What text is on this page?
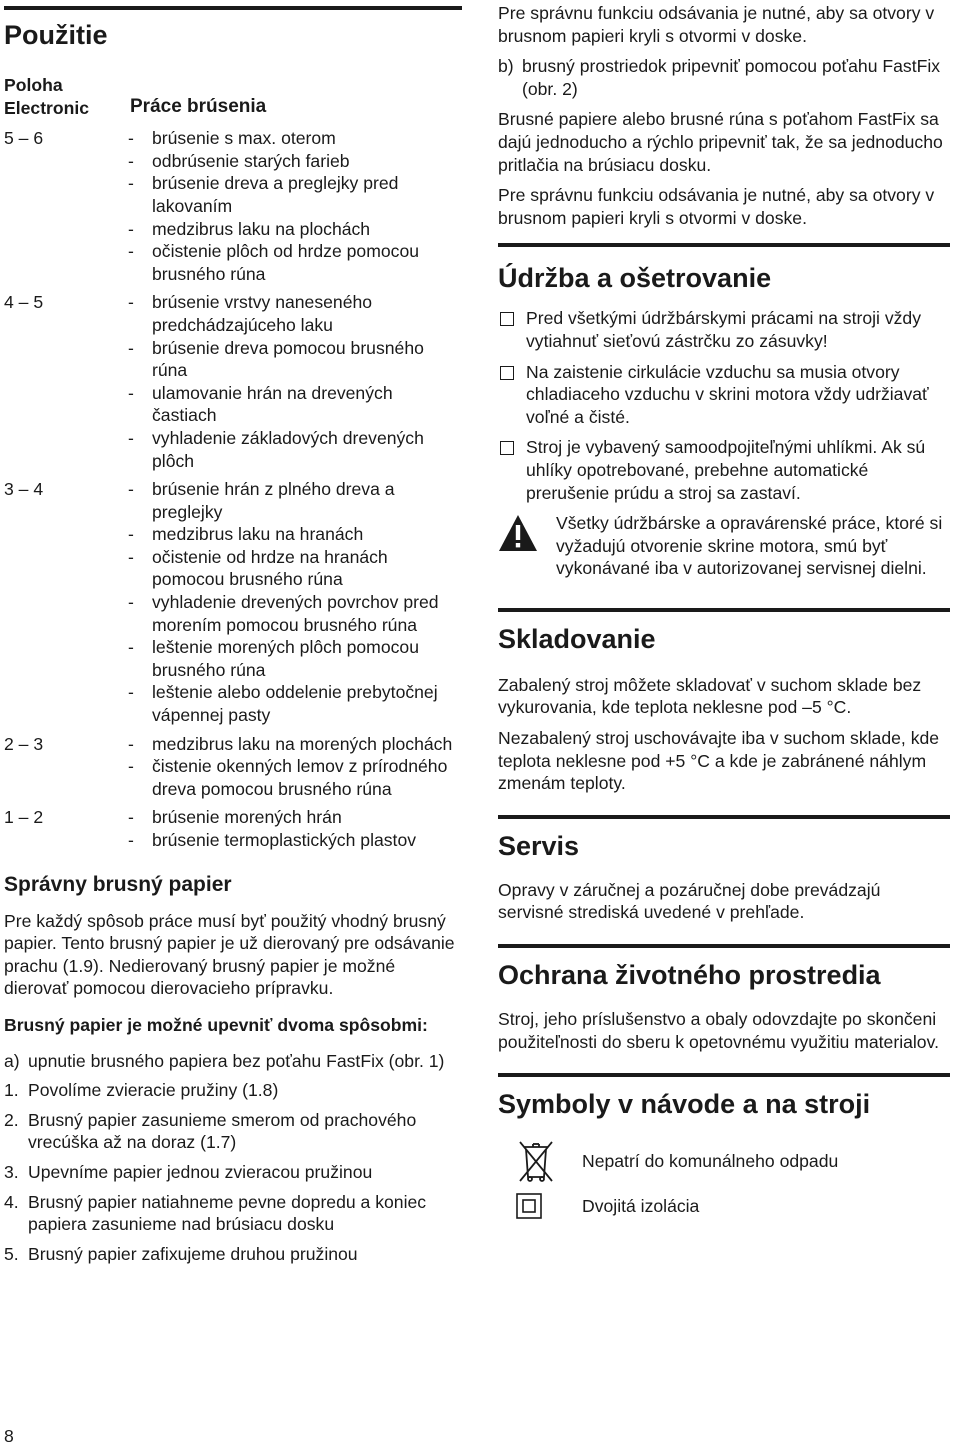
Použitie
Poloha Electronic	Práce brúsenia
5 – 6	-	brúsenie s max. oterom
-	odbrúsenie starých farieb
-	brúsenie dreva a preglejky pred lakovaním
-	medzibrus laku na plochách
-	očistenie plôch od hrdze pomocou brusného rúna
4 – 5	-	brúsenie vrstvy naneseného predchádzajúceho laku
-	brúsenie dreva pomocou brusného rúna
-	ulamovanie hrán na drevených častiach
-	vyhladenie základových drevených plôch
3 – 4	-	brúsenie hrán z plného dreva a preglejky
-	medzibrus laku na hranách
-	očistenie od hrdze na hranách pomocou brusného rúna
-	vyhladenie drevených povrchov pred morením pomocou brusného rúna
-	leštenie morených plôch pomocou brusného rúna
-	leštenie alebo oddelenie prebytočnej vápennej pasty
2 – 3	-	medzibrus laku na morených plochách
-	čistenie okenných lemov z prírodného dreva pomocou brusného rúna
1 – 2	-	brúsenie morených hrán
-	brúsenie termoplastických plastov
Správny brusný papier

Pre každý spôsob práce musí byť použitý vhodný brusný papier. Tento brusný papier je už dierovaný pre odsávanie prachu (1.9). Nedierovaný brusný papier je možné dierovať pomocou dierovacieho prípravku.

Brusný papier je možné upevniť dvoma spôsobmi:

a) upnutie brusného papiera bez poťahu FastFix (obr. 1)
1. Povolíme zvieracie pružiny (1.8)
2. Brusný papier zasunieme smerom od prachového vrecúška až na doraz (1.7)
3. Upevníme papier jednou zvieracou pružinou
4. Brusný papier natiahneme pevne dopredu a koniec papiera zasunieme nad brúsiacu dosku
5. Brusný papier zafixujeme druhou pružinou
8

Pre správnu funkciu odsávania je nutné, aby sa otvory v brusnom papieri kryli s otvormi v doske.

b) brusný prostriedok pripevniť pomocou poťahu FastFix (obr. 2)

Brusné papiere alebo brusné rúna s poťahom FastFix sa dajú jednoducho a rýchlo pripevniť tak, že sa jednoducho pritlačia na brúsiacu dosku.

Pre správnu funkciu odsávania je nutné, aby sa otvory v brusnom papieri kryli s otvormi v doske.

Údržba a ošetrovanie
Pred všetkými údržbárskymi prácami na stroji vždy vytiahnuť sieťovú zástrčku zo zásuvky!
Na zaistenie cirkulácie vzduchu sa musia otvory chladiaceho vzduchu v skrini motora vždy udržiavať voľné a čisté.
Stroj je vybavený samoodpojiteľnými uhlíkmi. Ak sú uhlíky opotrebované, prebehne automatické prerušenie prúdu a stroj sa zastaví.

Všetky údržbárske a opravárenské práce, ktoré si vyžadujú otvorenie skrine motora, smú byť vykonávané iba v autorizovanej servisnej dielni.

Skladovanie

Zabalený stroj môžete skladovať v suchom sklade bez vykurovania, kde teplota neklesne pod –5 °C.

Nezabalený stroj uschovávajte iba v suchom sklade, kde teplota neklesne pod +5 °C a kde je zabránené náhlym zmenám teploty.

Servis

Opravy v záručnej a pozáručnej dobe prevádzajú servisné strediská uvedené v prehľade.

Ochrana životného prostredia

Stroj, jeho príslušenstvo a obaly odovzdajte po skončeni použiteľnosti do sberu k opetovnému využitiu materialov.

Symboly v návode a na stroji
Nepatrí do komunálneho odpadu
Dvojitá izolácia
